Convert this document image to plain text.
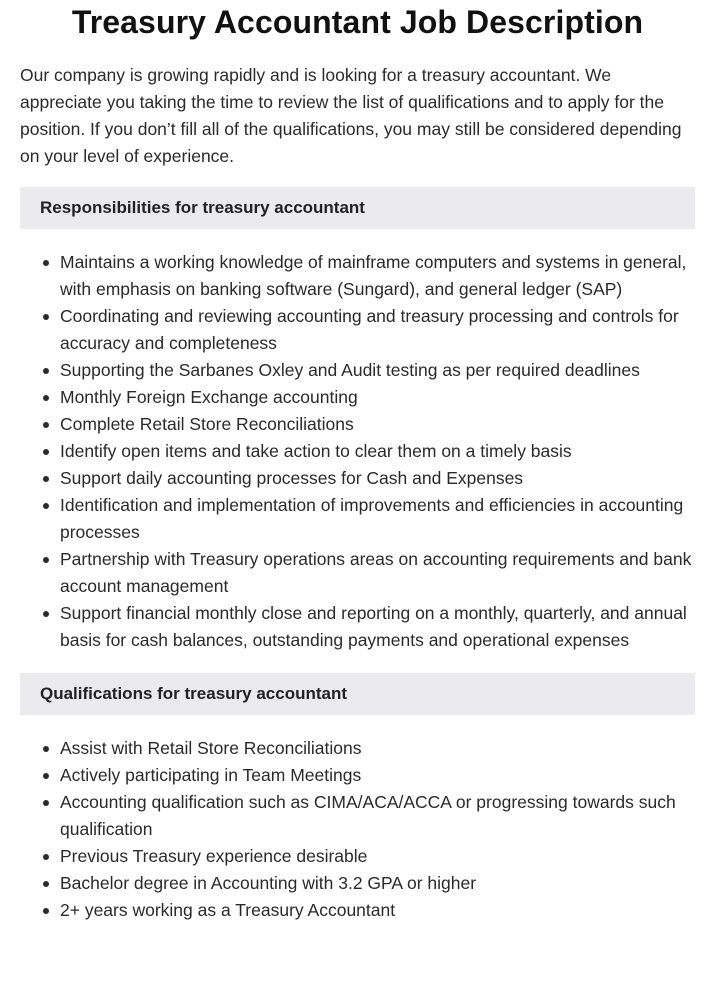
Treasury Accountant Job Description

Our company is growing rapidly and is looking for a treasury accountant. We appreciate you taking the time to review the list of qualifications and to apply for the position. If you don’t fill all of the qualifications, you may still be considered depending on your level of experience.

Responsibilities for treasury accountant
Maintains a working knowledge of mainframe computers and systems in general, with emphasis on banking software (Sungard), and general ledger (SAP)
Coordinating and reviewing accounting and treasury processing and controls for accuracy and completeness
Supporting the Sarbanes Oxley and Audit testing as per required deadlines
Monthly Foreign Exchange accounting
Complete Retail Store Reconciliations
Identify open items and take action to clear them on a timely basis
Support daily accounting processes for Cash and Expenses
Identification and implementation of improvements and efficiencies in accounting processes
Partnership with Treasury operations areas on accounting requirements and bank account management
Support financial monthly close and reporting on a monthly, quarterly, and annual basis for cash balances, outstanding payments and operational expenses
Qualifications for treasury accountant
Assist with Retail Store Reconciliations
Actively participating in Team Meetings
Accounting qualification such as CIMA/ACA/ACCA or progressing towards such qualification
Previous Treasury experience desirable
Bachelor degree in Accounting with 3.2 GPA or higher
2+ years working as a Treasury Accountant
